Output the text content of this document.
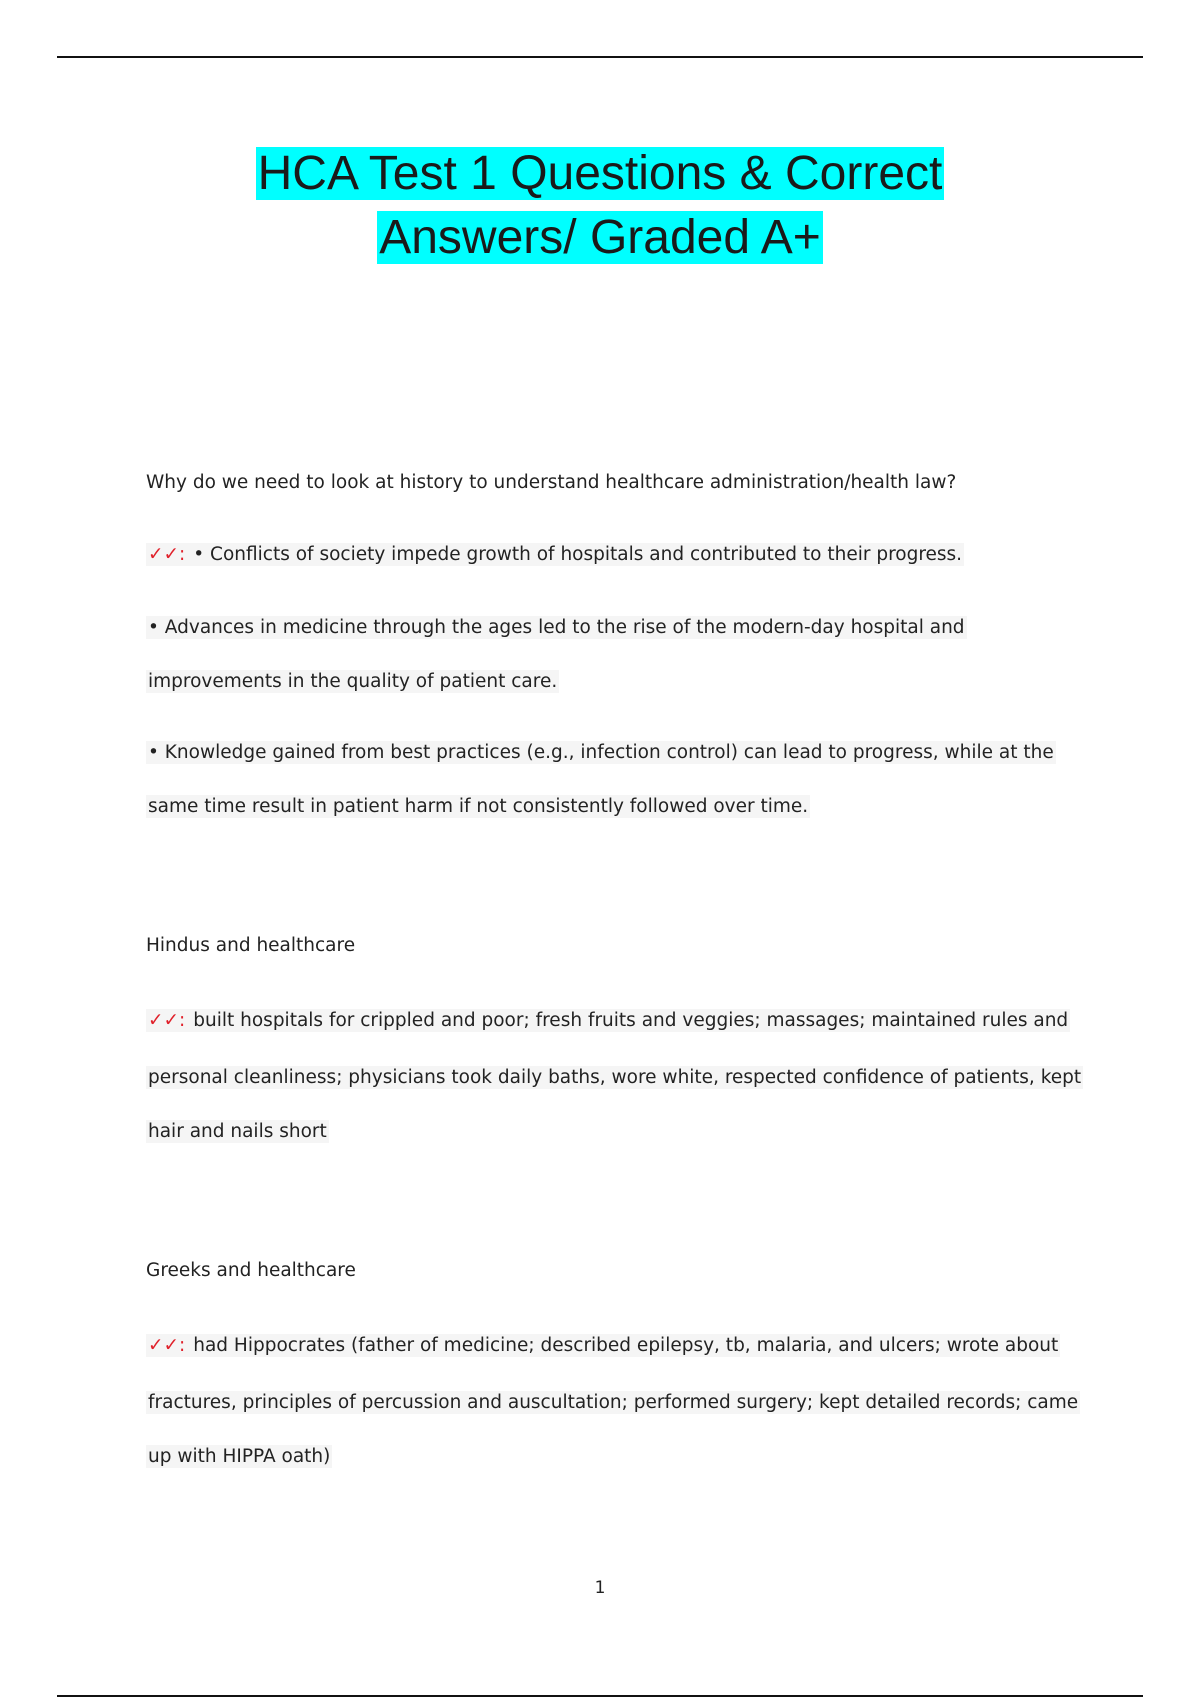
HCA Test 1 Questions & Correct
Answers/ Graded A+
Why do we need to look at history to understand healthcare administration/health law?
✓✓: • Conflicts of society impede growth of hospitals and contributed to their progress.
• Advances in medicine through the ages led to the rise of the modern-day hospital and
improvements in the quality of patient care.
• Knowledge gained from best practices (e.g., infection control) can lead to progress, while at the
same time result in patient harm if not consistently followed over time.
Hindus and healthcare
✓✓: built hospitals for crippled and poor; fresh fruits and veggies; massages; maintained rules and
personal cleanliness; physicians took daily baths, wore white, respected confidence of patients, kept
hair and nails short
Greeks and healthcare
✓✓: had Hippocrates (father of medicine; described epilepsy, tb, malaria, and ulcers; wrote about
fractures, principles of percussion and auscultation; performed surgery; kept detailed records; came
up with HIPPA oath)
1
